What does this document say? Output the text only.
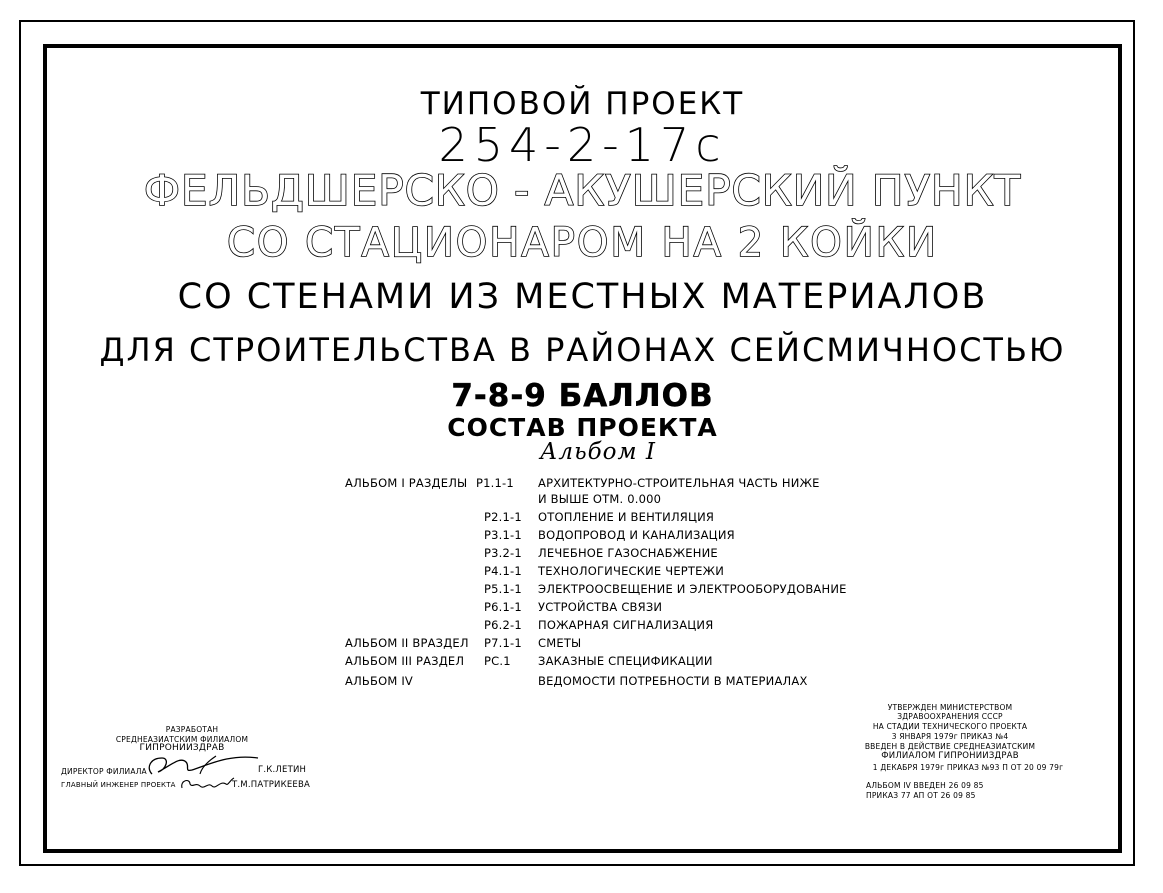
ТИПОВОЙ ПРОЕКТ
254-2-17с
ФЕЛЬДШЕРСКО - АКУШЕРСКИЙ ПУНКТ
СО СТАЦИОНАРОМ НА 2 КОЙКИ
СО СТЕНАМИ ИЗ МЕСТНЫХ МАТЕРИАЛОВ
ДЛЯ СТРОИТЕЛЬСТВА В РАЙОНАХ СЕЙСМИЧНОСТЬЮ
7-8-9 БАЛЛОВ
СОСТАВ ПРОЕКТА
Альбом I
АЛЬБОМ I РАЗДЕЛЫ Р1.1-1 АРХИТЕКТУРНО-СТРОИТЕЛЬНАЯ ЧАСТЬ НИЖЕ
И ВЫШЕ ОТМ. 0.000
Р2.1-1 ОТОПЛЕНИЕ И ВЕНТИЛЯЦИЯ
Р3.1-1 ВОДОПРОВОД И КАНАЛИЗАЦИЯ
Р3.2-1 ЛЕЧЕБНОЕ ГАЗОСНАБЖЕНИЕ
Р4.1-1 ТЕХНОЛОГИЧЕСКИЕ ЧЕРТЕЖИ
Р5.1-1 ЭЛЕКТРООСВЕЩЕНИЕ И ЭЛЕКТРООБОРУДОВАНИЕ
Р6.1-1 УСТРОЙСТВА СВЯЗИ
Р6.2-1 ПОЖАРНАЯ СИГНАЛИЗАЦИЯ
АЛЬБОМ II ВРАЗДЕЛ Р7.1-1 СМЕТЫ
АЛЬБОМ III РАЗДЕЛ РС.1 ЗАКАЗНЫЕ СПЕЦИФИКАЦИИ
АЛЬБОМ IV	ВЕДОМОСТИ ПОТРЕБНОСТИ В МАТЕРИАЛАХ
РАЗРАБОТАН
СРЕДНЕАЗИАТСКИМ ФИЛИАЛОМ
ГИПРОНИИЗДРАВ
ДИРЕКТОР ФИЛИАЛА	Г.К.ЛЕТИН
ГЛАВНЫЙ ИНЖЕНЕР ПРОЕКТА	Т.М.ПАТРИКЕЕВА
УТВЕРЖДЕН МИНИСТЕРСТВОМ
ЗДРАВООХРАНЕНИЯ СССР
НА СТАДИИ ТЕХНИЧЕСКОГО ПРОЕКТА
3 ЯНВАРЯ 1979г ПРИКАЗ №4
ВВЕДЕН В ДЕЙСТВИЕ СРЕДНЕАЗИАТСКИМ
ФИЛИАЛОМ ГИПРОНИИЗДРАВ
1 ДЕКАБРЯ 1979г ПРИКАЗ №93 П ОТ 20 09 79г
АЛЬБОМ IV ВВЕДЕН 26 09 85
ПРИКАЗ 77 АП ОТ 26 09 85
